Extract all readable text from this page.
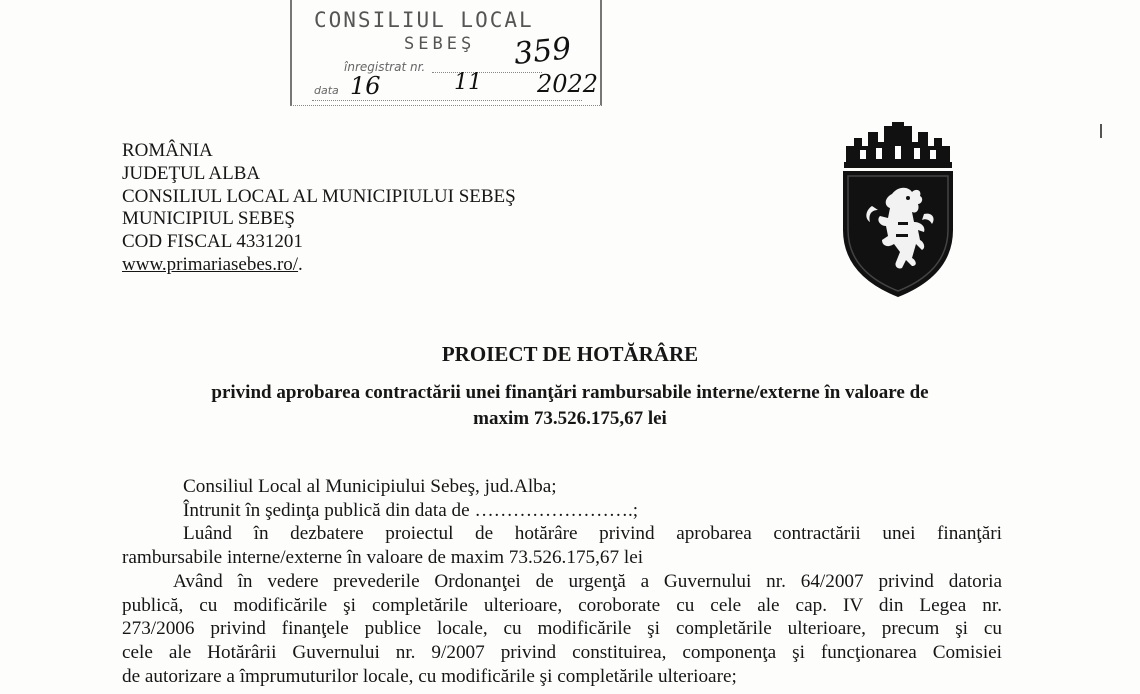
CONSILIUL LOCAL
SEBEŞ
înregistrat nr.	359
data 16	11 2022
ROMÂNIA
JUDEŢUL ALBA
CONSILIUL LOCAL AL MUNICIPIULUI SEBEŞ
MUNICIPIUL SEBEŞ
COD FISCAL 4331201
www.primariasebes.ro/.
PROIECT DE HOTĂRÂRE
privind aprobarea contractării unei finanţări rambursabile interne/externe în valoare de
maxim 73.526.175,67 lei
Consiliul Local al Municipiului Sebeş, jud.Alba;
Întrunit în şedinţa publică din data de …………………….;
Luând în dezbatere proiectul de hotărâre privind aprobarea contractării unei finanţări
rambursabile interne/externe în valoare de maxim 73.526.175,67 lei
Având în vedere prevederile Ordonanţei de urgenţă a Guvernului nr. 64/2007 privind datoria
publică, cu modificările şi completările ulterioare, coroborate cu cele ale cap. IV din Legea nr.
273/2006 privind finanţele publice locale, cu modificările şi completările ulterioare, precum şi cu
cele ale Hotărârii Guvernului nr. 9/2007 privind constituirea, componenţa şi funcţionarea Comisiei
de autorizare a împrumuturilor locale, cu modificările şi completările ulterioare;
